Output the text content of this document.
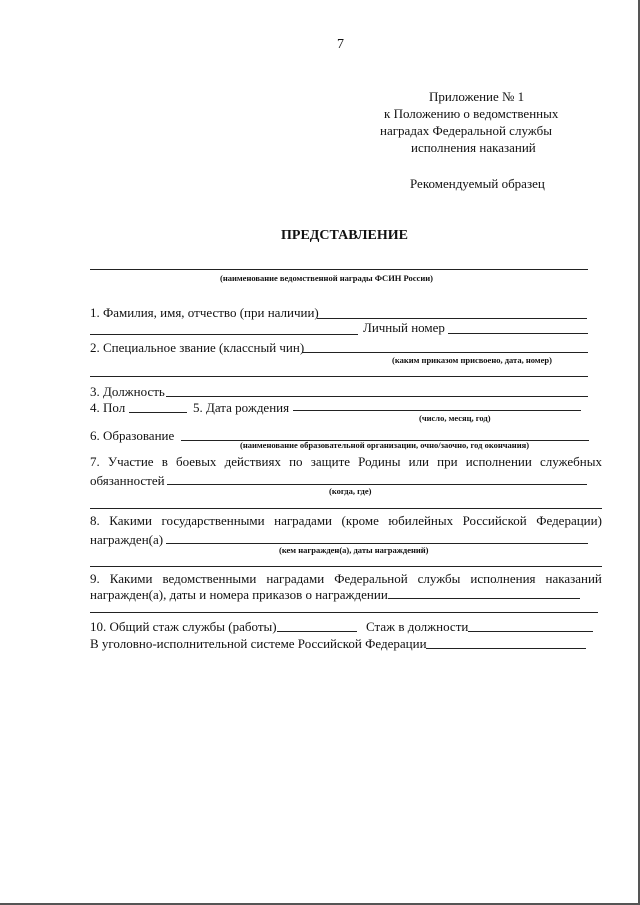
7
Приложение № 1
к Положению о ведомственных
наградах Федеральной службы
исполнения наказаний
Рекомендуемый образец
ПРЕДСТАВЛЕНИЕ
(наименование ведомственной награды ФСИН России)
1. Фамилия, имя, отчество (при наличии)
Личный номер
2. Специальное звание (классный чин)
(каким приказом присвоено, дата, номер)
3. Должность
4. Пол	5. Дата рождения
(число, месяц, год)
6. Образование
(наименование образовательной организации, очно/заочно, год окончания)
7. Участие в боевых действиях по защите Родины или при исполнении служебных
обязанностей
(когда, где)
8. Какими государственными наградами (кроме юбилейных Российской Федерации)
награжден(а)
(кем награжден(а), даты награждений)
9. Какими ведомственными наградами Федеральной службы исполнения наказаний
награжден(а), даты и номера приказов о награждении
10. Общий стаж службы (работы)	Стаж в должности
В уголовно-исполнительной системе Российской Федерации
